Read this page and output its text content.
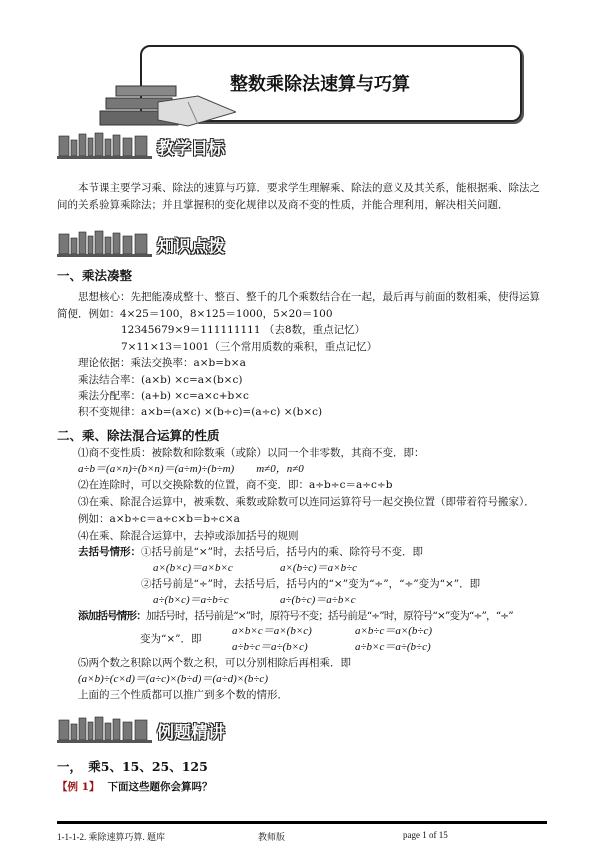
整数乘除法速算与巧算
教学目标
本节课主要学习乘、除法的速算与巧算．要求学生理解乘、除法的意义及其关系，能根据乘、除法之间的关系验算乘除法；并且掌握积的变化规律以及商不变的性质，并能合理利用，解决相关问题．
知识点拨
一、乘法凑整
思想核心：先把能凑成整十、整百、整千的几个乘数结合在一起，最后再与前面的数相乘，使得运算
简便．例如：4×25＝100，8×125＝1000，5×20＝100
12345679×9＝111111111 （去8数，重点记忆）
7×11×13＝1001（三个常用质数的乘积，重点记忆）
理论依据：乘法交换率：a×b=b×a
乘法结合率：(a×b) ×c=a×(b×c)
乘法分配率：(a+b) ×c=a×c+b×c
积不变规律：a×b=(a×c) ×(b÷c)=(a÷c) ×(b×c)
二、乘、除法混合运算的性质
⑴商不变性质：被除数和除数乘（或除）以同一个非零数，其商不变．即：
a÷b＝(a×n)÷(b×n)＝(a÷m)÷(b÷m)　　m≠0，n≠0
⑵在连除时，可以交换除数的位置，商不变．即：a÷b÷c＝a÷c÷b
⑶在乘、除混合运算中，被乘数、乘数或除数可以连同运算符号一起交换位置（即带着符号搬家）．
例如：a×b÷c＝a÷c×b＝b÷c×a
⑷在乘、除混合运算中，去掉或添加括号的规则
去括号情形： ①括号前是“×”时，去括号后，括号内的乘、除符号不变．即
a×(b×c)＝a×b×c	a×(b÷c)＝a×b÷c
②括号前是“÷”时，去括号后，括号内的“×”变为“÷”，“÷”变为“×”．即
a÷(b×c)＝a÷b÷c	a÷(b÷c)＝a÷b×c
添加括号情形： 加括号时，括号前是“×”时，原符号不变；括号前是“÷”时，原符号“×”变为“÷”，“÷”
变为“×”．即
a×b×c＝a×(b×c)	a×b÷c＝a×(b÷c)
a÷b÷c＝a÷(b×c)	a÷b×c＝a÷(b÷c)
⑸两个数之积除以两个数之积，可以分别相除后再相乘．即
(a×b)÷(c×d)＝(a÷c)×(b÷d)＝(a÷d)×(b÷c)
上面的三个性质都可以推广到多个数的情形．
例题精讲
一，　乘5、15、25、125
【例 1】 下面这些题你会算吗？
1-1-1-2. 乘除速算巧算. 题库	教师版	page 1 of 15
